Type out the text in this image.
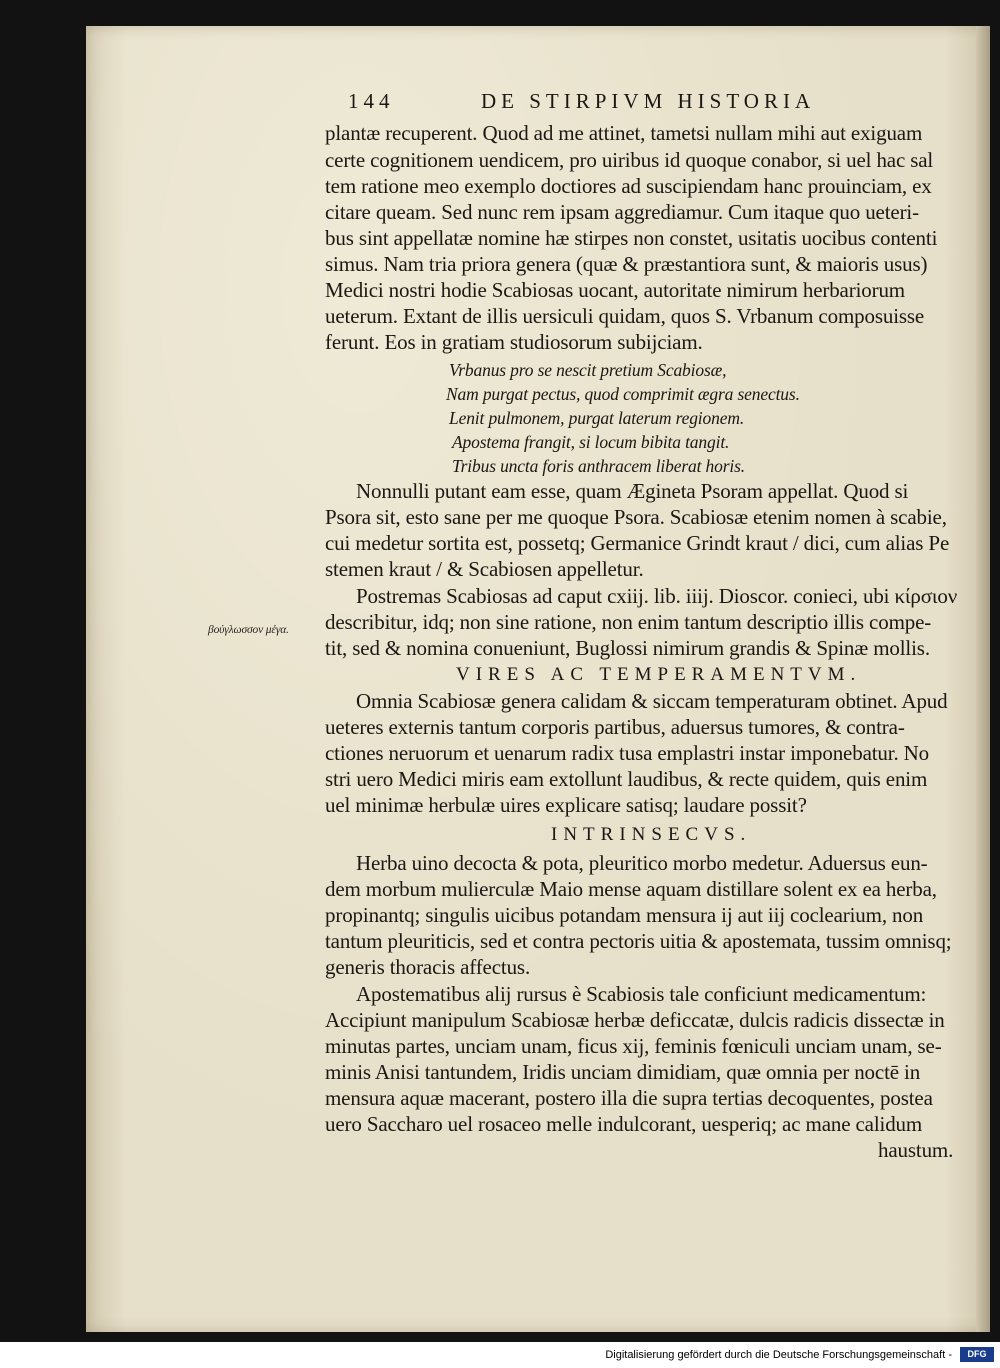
144	DE STIRPIVM HISTORIA
plantæ recuperent. Quod ad me attinet, tametsi nullam mihi aut exiguam
certe cognitionem uendicem, pro uiribus id quoque conabor, si uel hac sal
tem ratione meo exemplo doctiores ad suscipiendam hanc prouinciam, ex
citare queam. Sed nunc rem ipsam aggrediamur. Cum itaque quo ueteri-
bus sint appellatæ nomine hæ stirpes non constet, usitatis uocibus contenti
simus. Nam tria priora genera (quæ & præstantiora sunt, & maioris usus)
Medici nostri hodie Scabiosas uocant, autoritate nimirum herbariorum
ueterum. Extant de illis uersiculi quidam, quos S. Vrbanum composuisse
ferunt. Eos in gratiam studiosorum subijciam.
Vrbanus pro se nescit pretium Scabiosæ,
Nam purgat pectus, quod comprimit ægra senectus.
Lenit pulmonem, purgat laterum regionem.
Apostema frangit, si locum bibita tangit.
Tribus uncta foris anthracem liberat horis.
Nonnulli putant eam esse, quam Ægineta Psoram appellat. Quod si
Psora sit, esto sane per me quoque Psora. Scabiosæ etenim nomen à scabie,
cui medetur sortita est, possetq; Germanice Grindt kraut / dici, cum alias Pe
stemen kraut / & Scabiosen appelletur.
Postremas Scabiosas ad caput cxiij. lib. iiij. Dioscor. conieci, ubi κίρσιον
describitur, idq; non sine ratione, non enim tantum descriptio illis compe-
tit, sed & nomina conueniunt, Buglossi nimirum grandis & Spinæ mollis.
βούγλωσσον μέγα.
VIRES AC TEMPERAMENTVM.
Omnia Scabiosæ genera calidam & siccam temperaturam obtinet. Apud
ueteres externis tantum corporis partibus, aduersus tumores, & contra-
ctiones neruorum et uenarum radix tusa emplastri instar imponebatur. No
stri uero Medici miris eam extollunt laudibus, & recte quidem, quis enim
uel minimæ herbulæ uires explicare satisq; laudare possit?
INTRINSECVS.
Herba uino decocta & pota, pleuritico morbo medetur. Aduersus eun-
dem morbum mulierculæ Maio mense aquam distillare solent ex ea herba,
propinantq; singulis uicibus potandam mensura ij aut iij coclearium, non
tantum pleuriticis, sed et contra pectoris uitia & apostemata, tussim omnisq;
generis thoracis affectus.
Apostematibus alij rursus è Scabiosis tale conficiunt medicamentum:
Accipiunt manipulum Scabiosæ herbæ deficcatæ, dulcis radicis dissectæ in
minutas partes, unciam unam, ficus xij, feminis fœniculi unciam unam, se-
minis Anisi tantundem, Iridis unciam dimidiam, quæ omnia per noctē in
mensura aquæ macerant, postero illa die supra tertias decoquentes, postea
uero Saccharo uel rosaceo melle indulcorant, uesperiq; ac mane calidum
haustum.
Digitalisierung gefördert durch die Deutsche Forschungsgemeinschaft -	DFG
